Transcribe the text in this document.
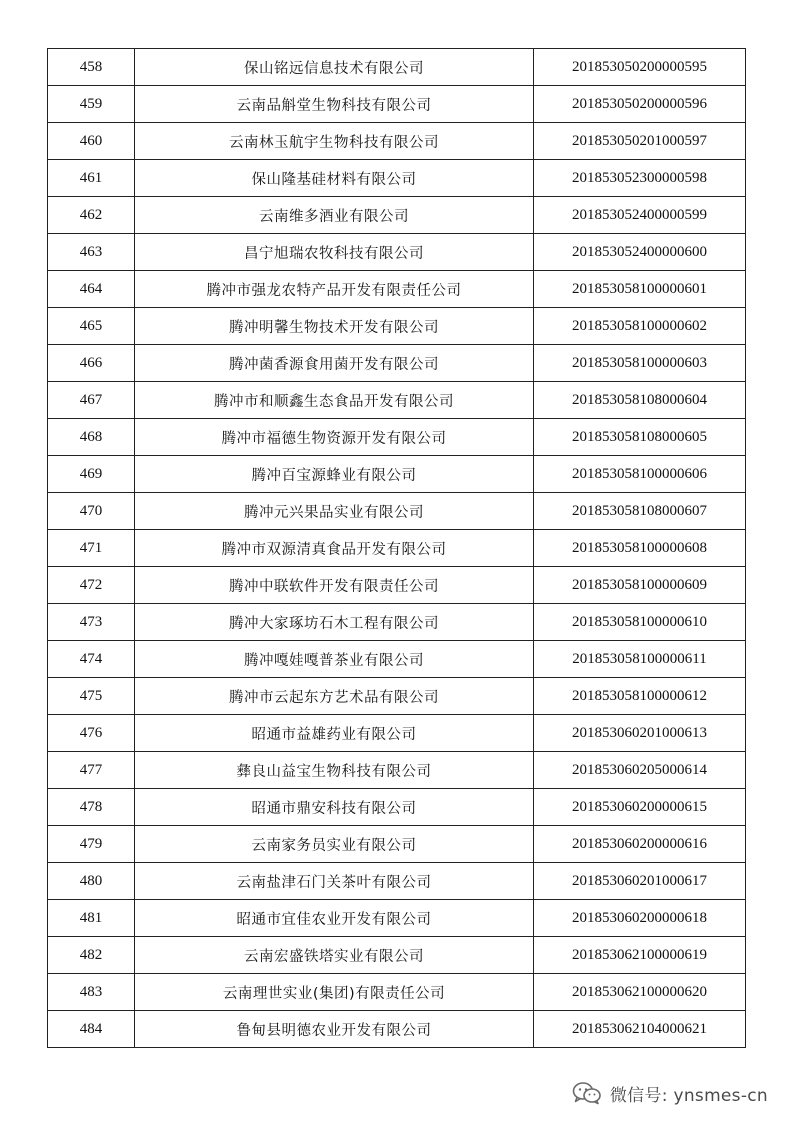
458	保山铭远信息技术有限公司	201853050200000595
459	云南品斛堂生物科技有限公司	201853050200000596
460	云南林玉航宇生物科技有限公司	201853050201000597
461	保山隆基硅材料有限公司	201853052300000598
462	云南维多酒业有限公司	201853052400000599
463	昌宁旭瑞农牧科技有限公司	201853052400000600
464	腾冲市强龙农特产品开发有限责任公司	201853058100000601
465	腾冲明馨生物技术开发有限公司	201853058100000602
466	腾冲菌香源食用菌开发有限公司	201853058100000603
467	腾冲市和顺鑫生态食品开发有限公司	201853058108000604
468	腾冲市福德生物资源开发有限公司	201853058108000605
469	腾冲百宝源蜂业有限公司	201853058100000606
470	腾冲元兴果品实业有限公司	201853058108000607
471	腾冲市双源清真食品开发有限公司	201853058100000608
472	腾冲中联软件开发有限责任公司	201853058100000609
473	腾冲大家琢坊石木工程有限公司	201853058100000610
474	腾冲嘎娃嘎普茶业有限公司	201853058100000611
475	腾冲市云起东方艺术品有限公司	201853058100000612
476	昭通市益雄药业有限公司	201853060201000613
477	彝良山益宝生物科技有限公司	201853060205000614
478	昭通市鼎安科技有限公司	201853060200000615
479	云南家务员实业有限公司	201853060200000616
480	云南盐津石门关茶叶有限公司	201853060201000617
481	昭通市宜佳农业开发有限公司	201853060200000618
482	云南宏盛铁塔实业有限公司	201853062100000619
483	云南理世实业(集团)有限责任公司	201853062100000620
484	鲁甸县明德农业开发有限公司	201853062104000621
微信号: ynsmes-cn
